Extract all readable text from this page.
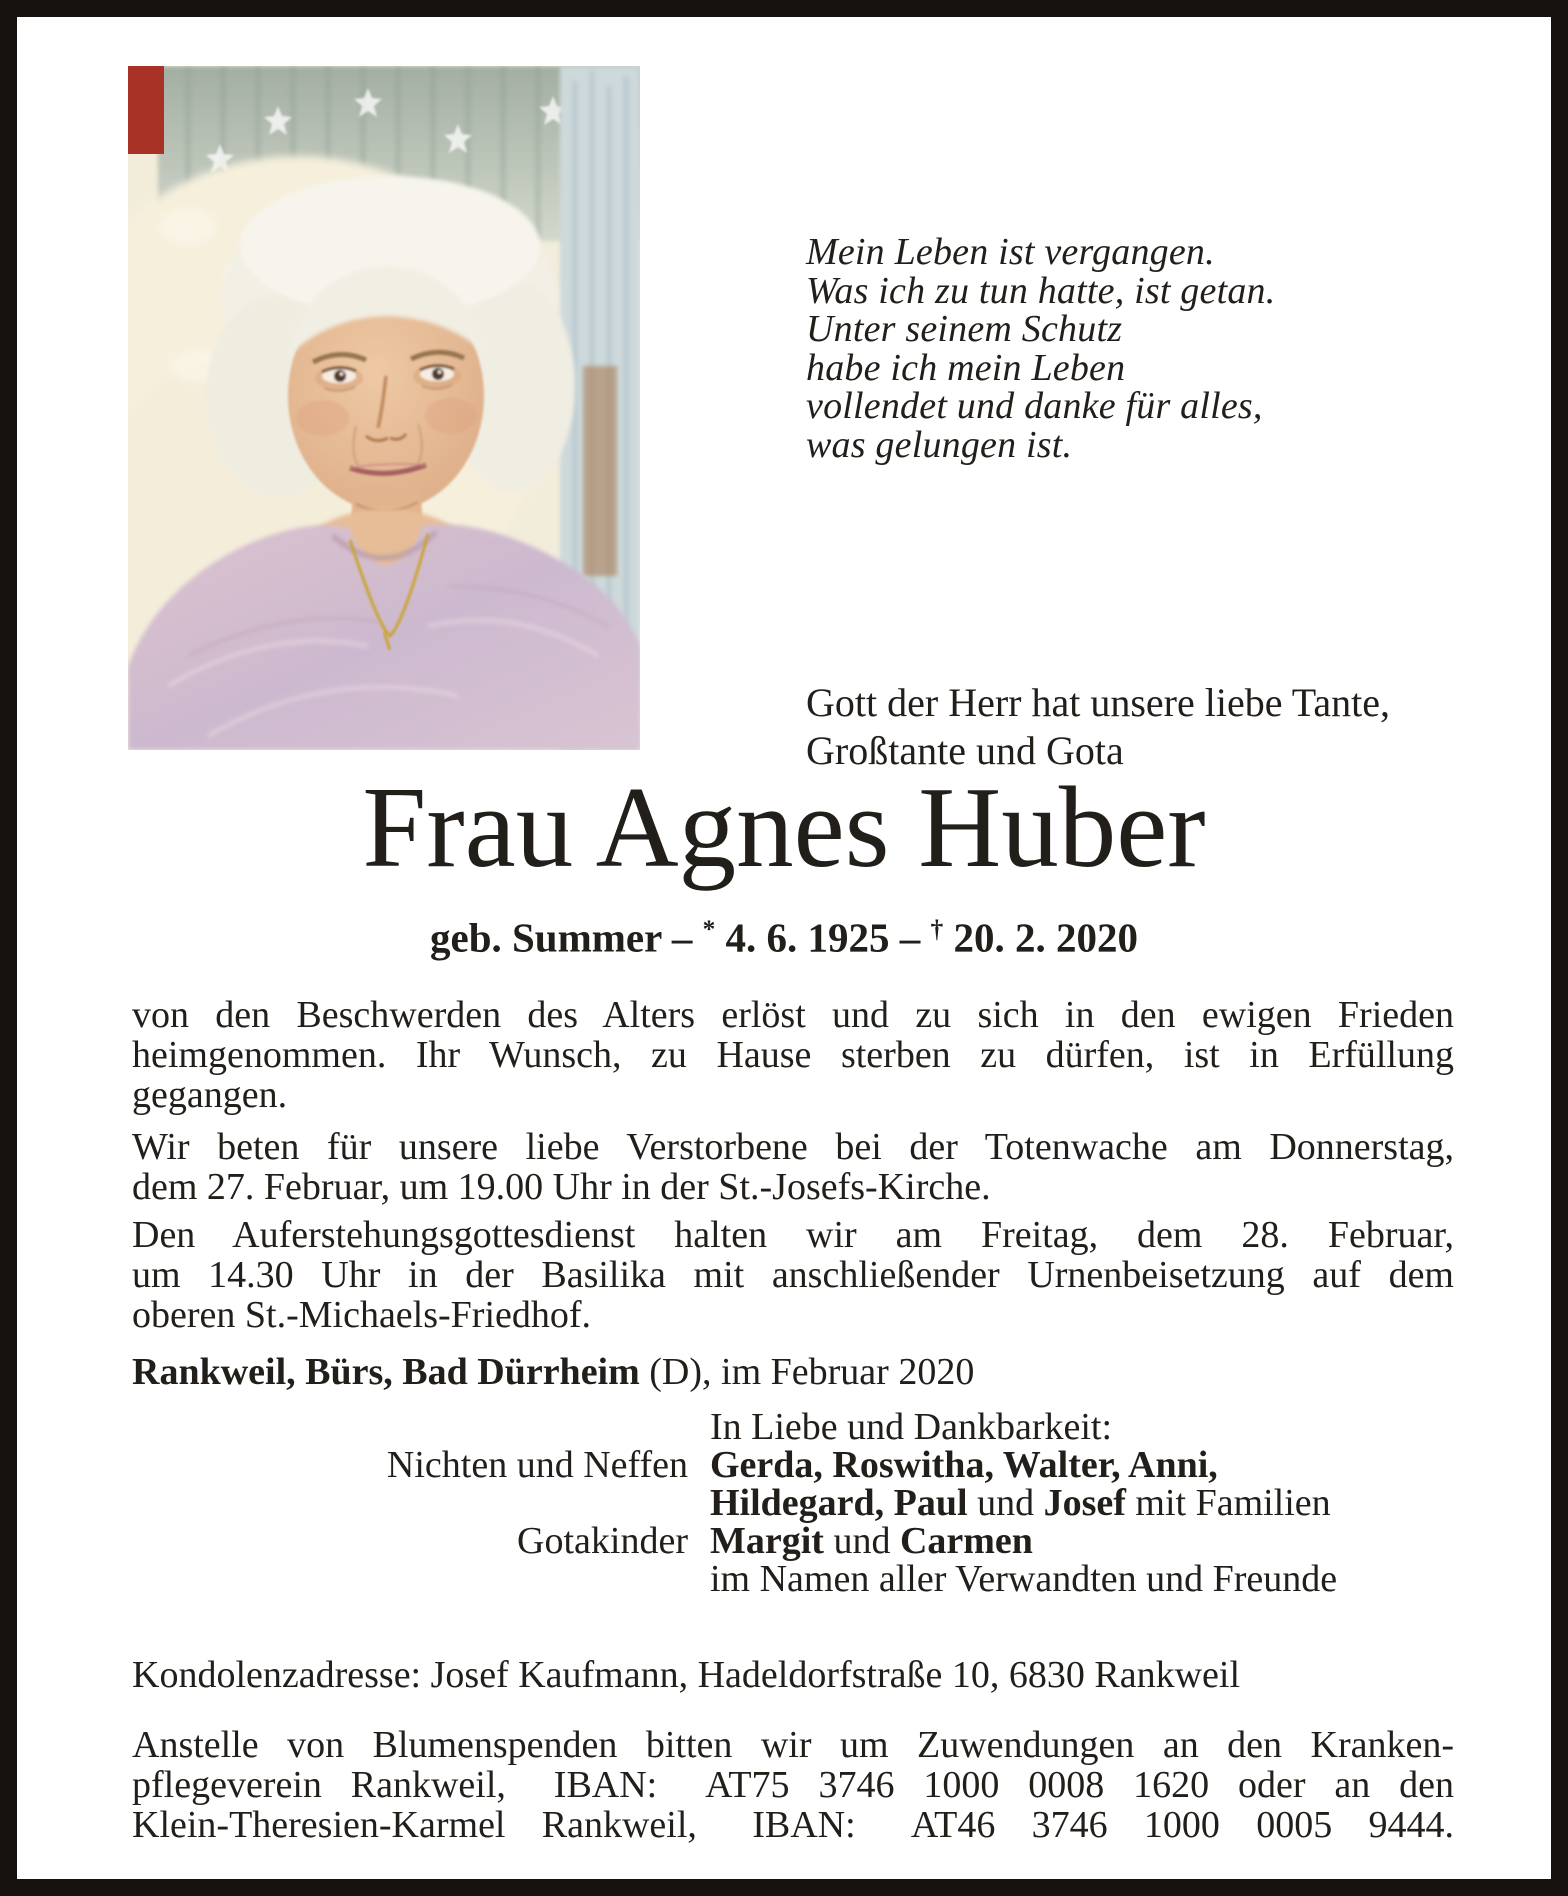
Mein Leben ist vergangen.
Was ich zu tun hatte, ist getan.
Unter seinem Schutz
habe ich mein Leben
vollendet und danke für alles,
was gelungen ist.
Gott der Herr hat unsere liebe Tante,
Großtante und Gota
Frau Agnes Huber
geb. Summer – * 4. 6. 1925 – † 20. 2. 2020
von den Beschwerden des Alters erlöst und zu sich in den ewigen Frieden
heimgenommen. Ihr Wunsch, zu Hause sterben zu dürfen, ist in Erfüllung
gegangen.
Wir beten für unsere liebe Verstorbene bei der Totenwache am Donnerstag,
dem 27. Februar, um 19.00 Uhr in der St.-Josefs-Kirche.
Den Auferstehungsgottesdienst halten wir am Freitag, dem 28. Februar,
um 14.30 Uhr in der Basilika mit anschließender Urnenbeisetzung auf dem
oberen St.-Michaels-Friedhof.
Rankweil, Bürs, Bad Dürrheim (D), im Februar 2020
In Liebe und Dankbarkeit:
Nichten und Neffen Gerda, Roswitha, Walter, Anni,
Hildegard, Paul und Josef mit Familien
Gotakinder Margit und Carmen
im Namen aller Verwandten und Freunde
Kondolenzadresse: Josef Kaufmann, Hadeldorfstraße 10, 6830 Rankweil
Anstelle von Blumenspenden bitten wir um Zuwendungen an den Kranken-
pflegeverein Rankweil,  IBAN:  AT75 3746 1000 0008 1620 oder an den
Klein-Theresien-Karmel Rankweil,  IBAN:  AT46 3746 1000 0005 9444.
